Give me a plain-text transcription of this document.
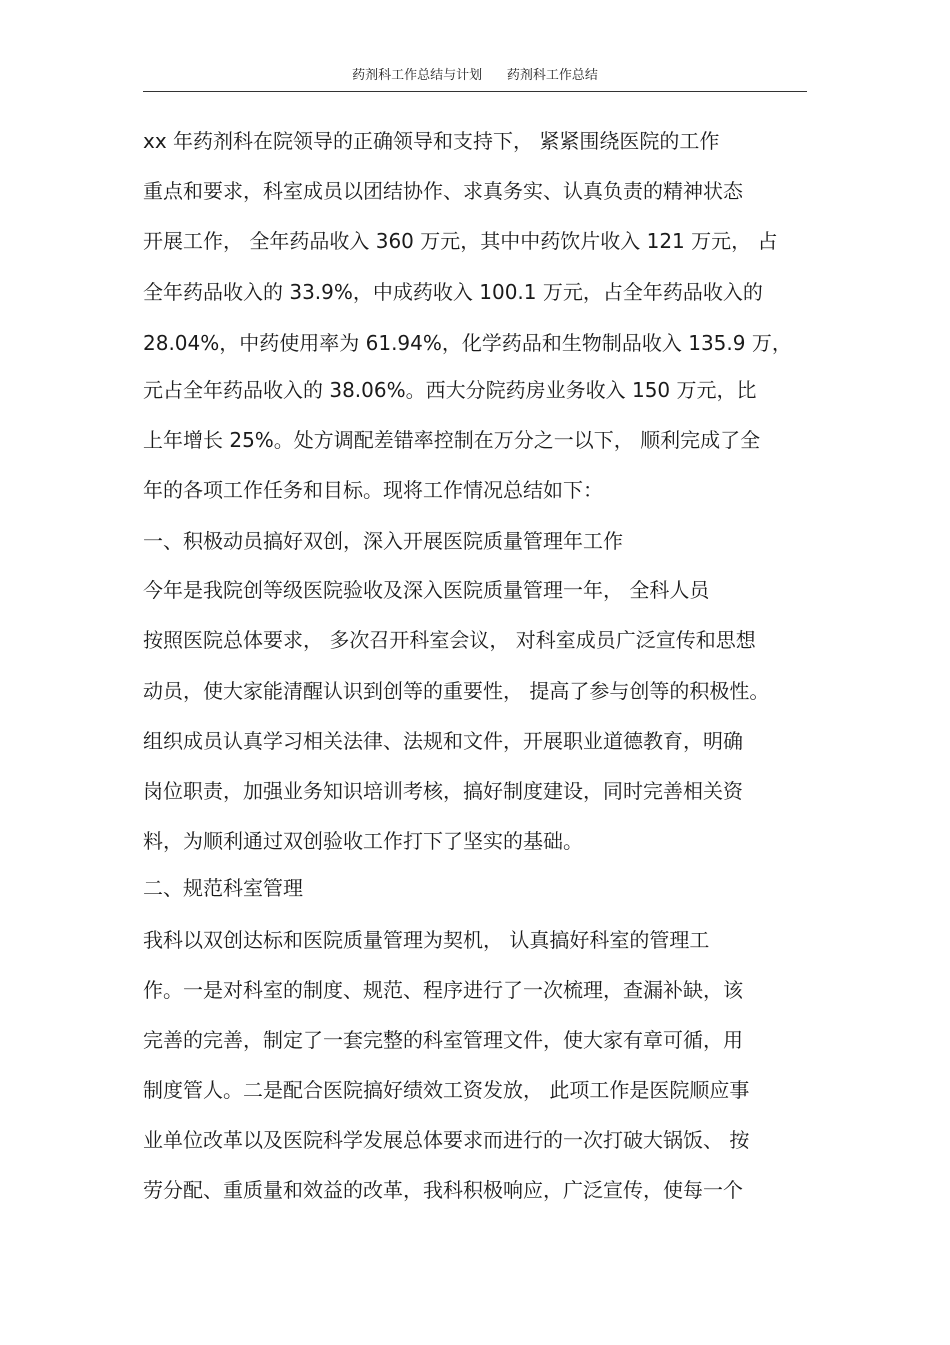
药剂科工作总结与计划      药剂科工作总结
xx 年药剂科在院领导的正确领导和支持下， 紧紧围绕医院的工作
重点和要求，科室成员以团结协作、求真务实、认真负责的精神状态
开展工作， 全年药品收入 360 万元，其中中药饮片收入 121 万元， 占
全年药品收入的 33.9%，中成药收入 100.1 万元，占全年药品收入的
28.04%，中药使用率为 61.94%，化学药品和生物制品收入 135.9 万，
元占全年药品收入的 38.06%。西大分院药房业务收入 150 万元，比
上年增长 25%。处方调配差错率控制在万分之一以下， 顺利完成了全
年的各项工作任务和目标。现将工作情况总结如下：
一、积极动员搞好双创，深入开展医院质量管理年工作
今年是我院创等级医院验收及深入医院质量管理一年， 全科人员
按照医院总体要求， 多次召开科室会议， 对科室成员广泛宣传和思想
动员，使大家能清醒认识到创等的重要性， 提高了参与创等的积极性。
组织成员认真学习相关法律、法规和文件，开展职业道德教育，明确
岗位职责，加强业务知识培训考核，搞好制度建设，同时完善相关资
料，为顺利通过双创验收工作打下了坚实的基础。
二、规范科室管理
我科以双创达标和医院质量管理为契机， 认真搞好科室的管理工
作。一是对科室的制度、规范、程序进行了一次梳理，查漏补缺，该
完善的完善，制定了一套完整的科室管理文件，使大家有章可循，用
制度管人。二是配合医院搞好绩效工资发放， 此项工作是医院顺应事
业单位改革以及医院科学发展总体要求而进行的一次打破大锅饭、 按
劳分配、重质量和效益的改革，我科积极响应，广泛宣传，使每一个
